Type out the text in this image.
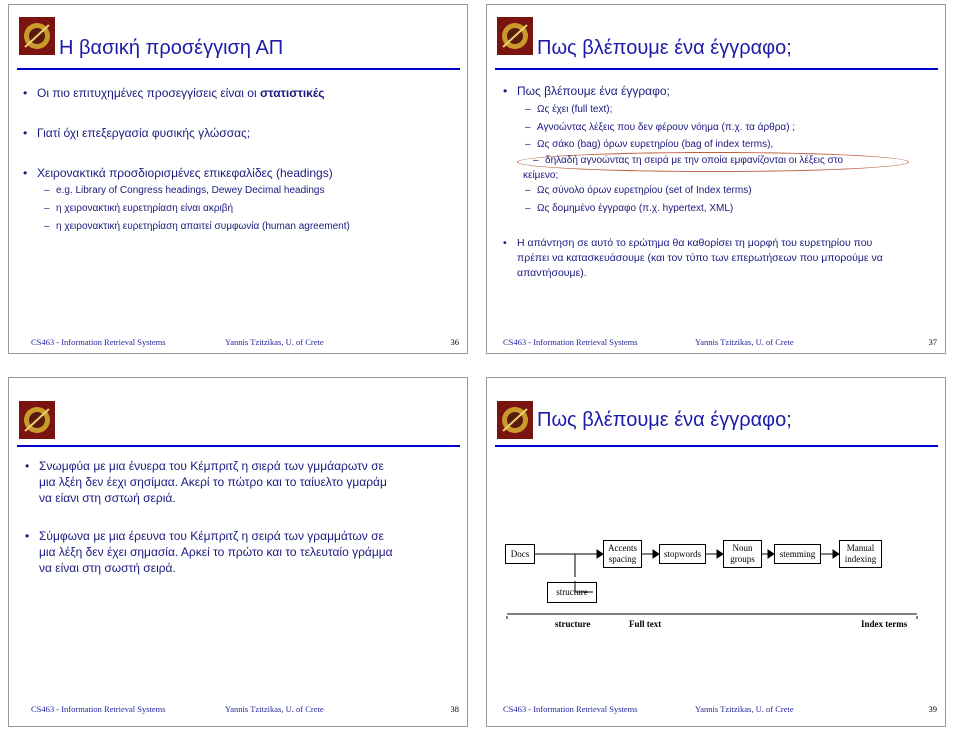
Η βασική προσέγγιση ΑΠ
• Οι πιο επιτυχημένες προσεγγίσεις είναι οι στατιστικές
• Γιατί όχι επεξεργασία φυσικής γλώσσας;
• Χειρονακτικά προσδιορισμένες επικεφαλίδες (headings)
– e.g. Library of Congress headings, Dewey Decimal headings
– η χειρονακτική ευρετηρίαση είναι ακριβή
– η χειρονακτική ευρετηρίαση απαιτεί συμφωνία (human agreement)
CS463 - Information Retrieval Systems	Yannis Tzitzikas, U. of Crete	36
Πως βλέπουμε ένα έγγραφο;
• Πως βλέπουμε ένα έγγραφο;
– Ως έχει (full text);
– Αγνοώντας λέξεις που δεν φέρουν νόημα (π.χ. τα άρθρα) ;
– Ως σάκο (bag) όρων ευρετηρίου (bag of index terms),
– δηλαδή αγνοώντας τη σειρά με την οποία εμφανίζονται οι λέξεις στο
κείμενο;
– Ως σύνολο όρων ευρετηρίου (set of Index terms)
– Ως δομημένο έγγραφο (π.χ. hypertext, XML)
• Η απάντηση σε αυτό το ερώτημα θα καθορίσει τη μορφή του ευρετηρίου που
πρέπει να κατασκευάσουμε (και τον τύπο των επερωτήσεων που μπορούμε να
απαντήσουμε).
CS463 - Information Retrieval Systems	Yannis Tzitzikas, U. of Crete	37
• Σνωμφύα με μια ένυερα του Κέμπριτζ η σιερά των γμμάαρωτν σε
μια λξέη δεν έεχι σησίμαα. Ακερί το πώτρο και το ταίυελτο γμαράμ
να είανι στη σστωή σεριά.
• Σύμφωνα με μια έρευνα του Κέμπριτζ η σειρά των γραμμάτων σε
μια λέξη δεν έχει σημασία. Αρκεί το πρώτο και το τελευταίο γράμμα
να είναι στη σωστή σειρά.
CS463 - Information Retrieval Systems	Yannis Tzitzikas, U. of Crete	38
Πως βλέπουμε ένα έγγραφο;
Docs
Accents spacing
stopwords
Noun groups
stemming
Manual indexing
structure
structure	Full text	Index terms
CS463 - Information Retrieval Systems	Yannis Tzitzikas, U. of Crete	39
